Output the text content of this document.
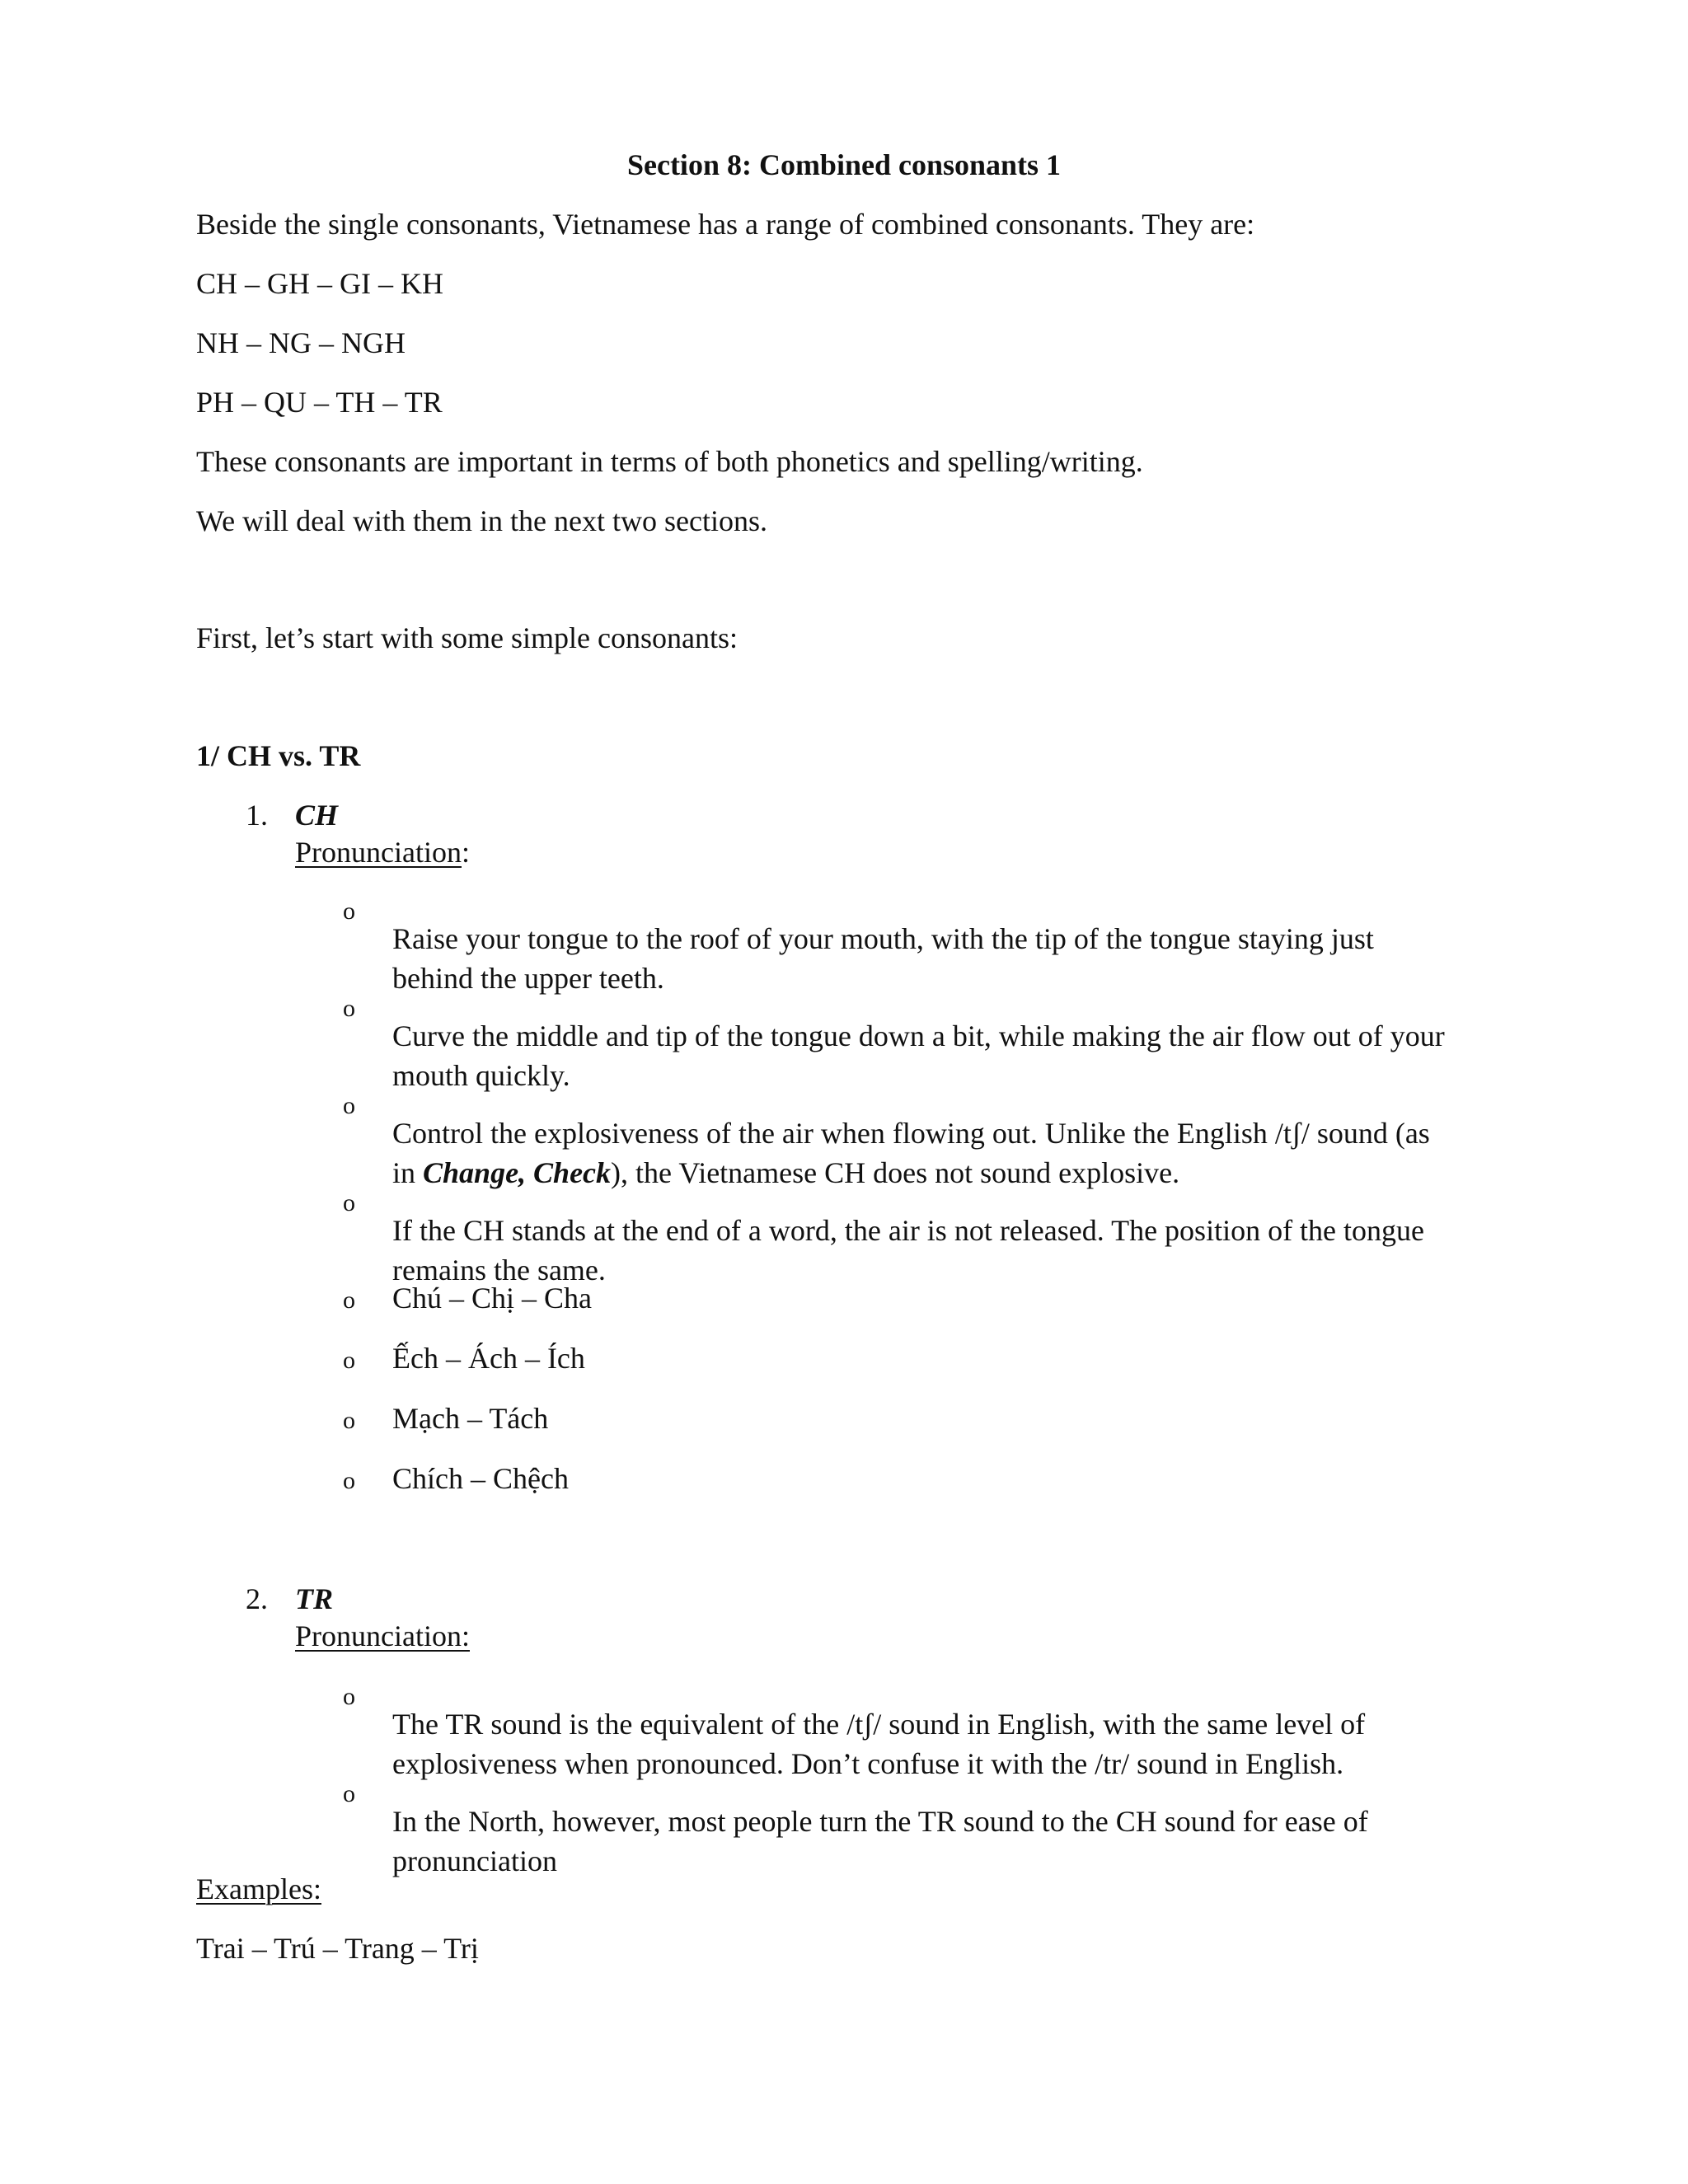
Section 8: Combined consonants 1

Beside the single consonants, Vietnamese has a range of combined consonants. They are:

CH – GH – GI – KH

NH – NG – NGH

PH – QU – TH – TR

These consonants are important in terms of both phonetics and spelling/writing.

We will deal with them in the next two sections.

First, let’s start with some simple consonants:

1/ CH vs. TR

1. CH
Pronunciation:
o

Raise your tongue to the roof of your mouth, with the tip of the tongue staying just behind the upper teeth.

o

Curve the middle and tip of the tongue down a bit, while making the air flow out of your mouth quickly.

o

Control the explosiveness of the air when flowing out. Unlike the English /tʃ/ sound (as in Change, Check), the Vietnamese CH does not sound explosive.

o

If the CH stands at the end of a word, the air is not released. The position of the tongue remains the same.

o Chú – Chị – Cha

o Ếch – Ách – Ích

o Mạch – Tách

o Chích – Chệch

2. TR
Pronunciation:
o

The TR sound is the equivalent of the /tʃ/ sound in English, with the same level of explosiveness when pronounced. Don’t confuse it with the /tr/ sound in English.

o

In the North, however, most people turn the TR sound to the CH sound for ease of pronunciation

Examples:

Trai – Trú – Trang – Trị
